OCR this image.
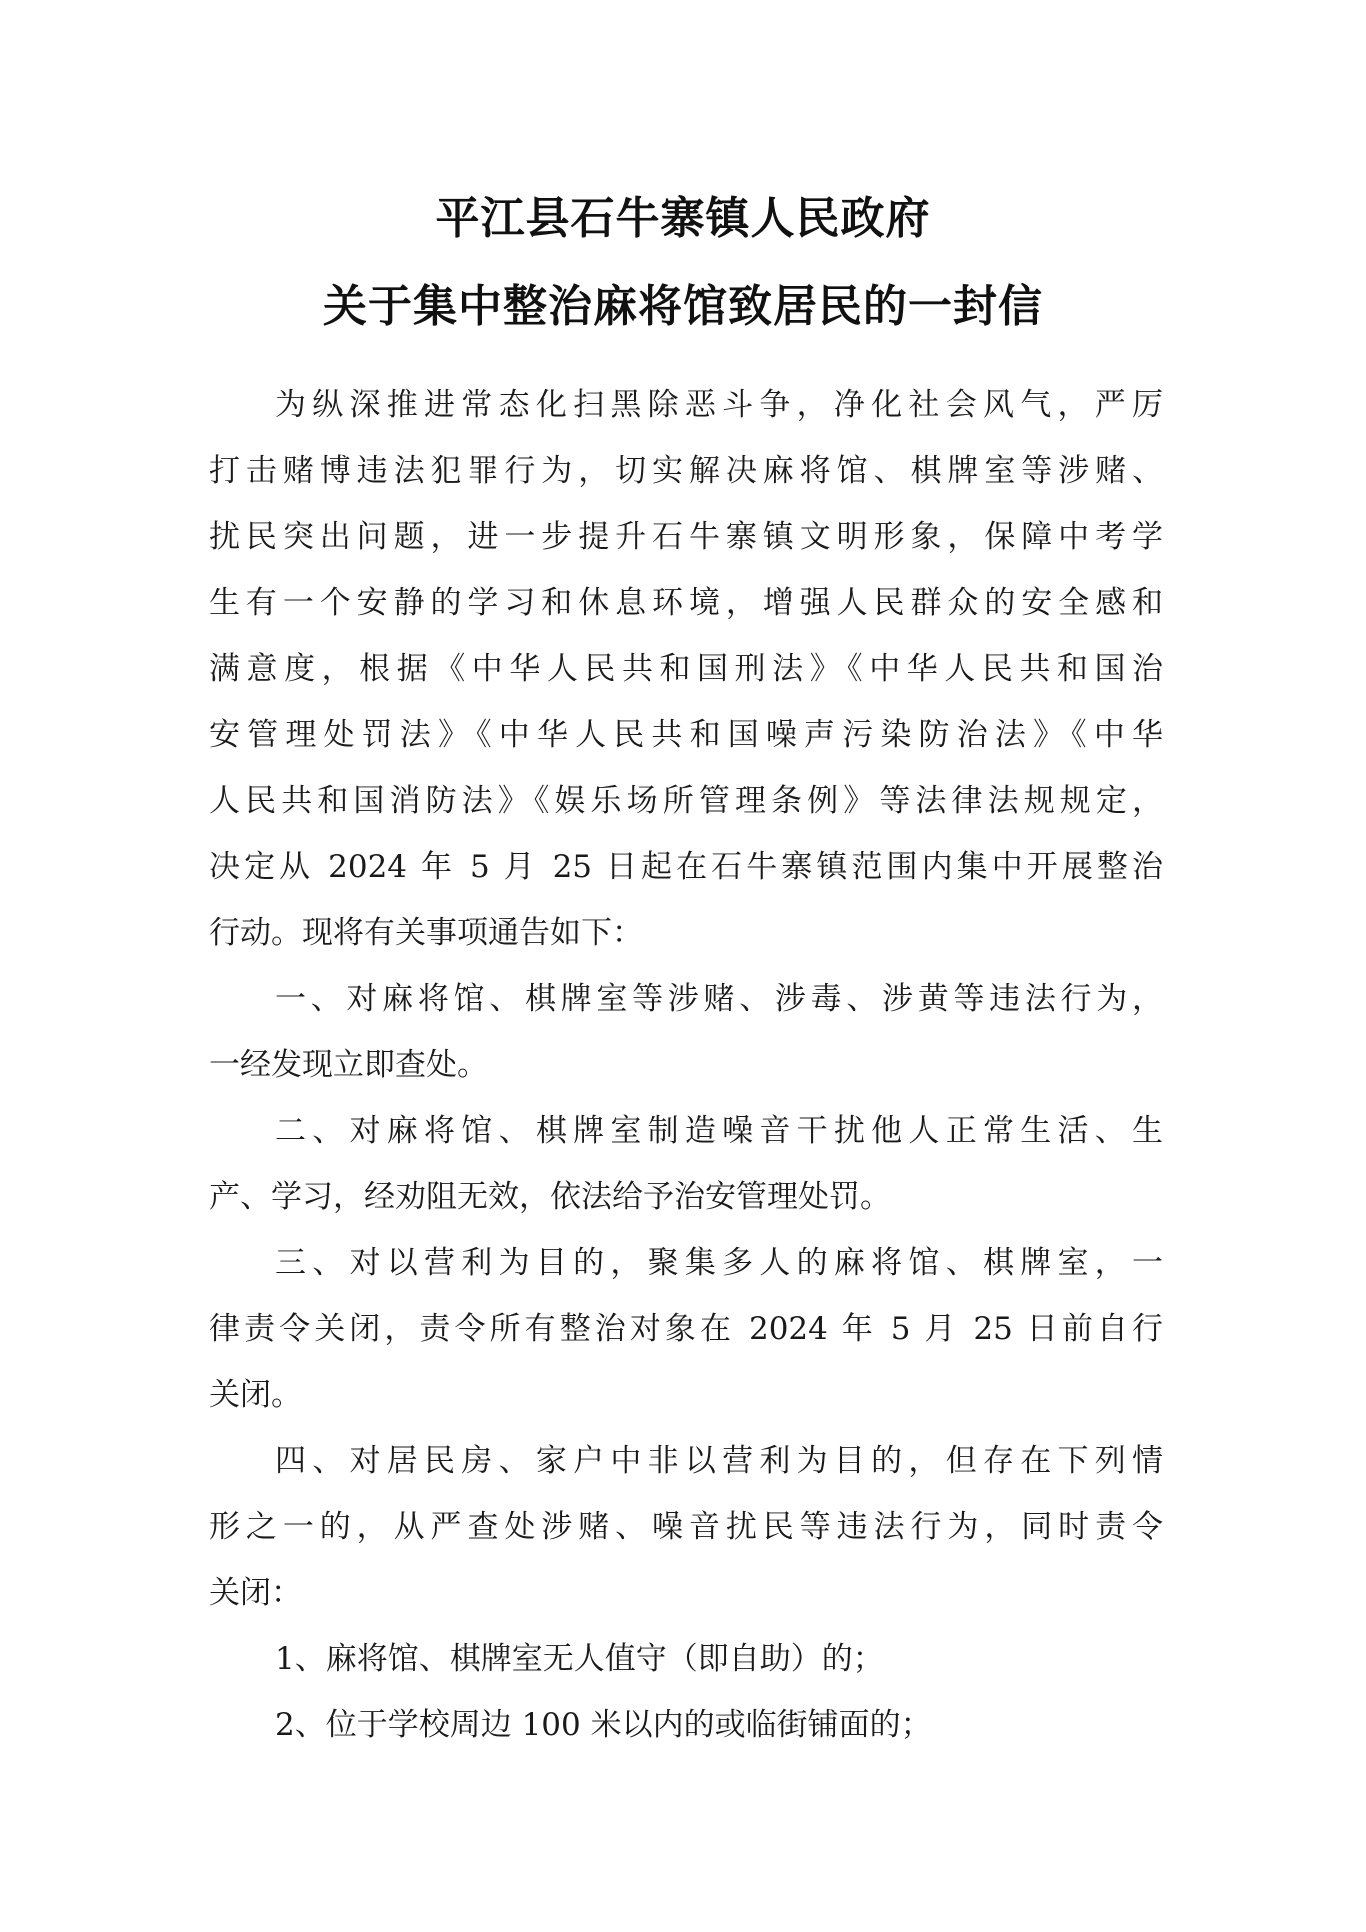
平江县石牛寨镇人民政府
关于集中整治麻将馆致居民的一封信
为纵深推进常态化扫黑除恶斗争，净化社会风气，严厉
打击赌博违法犯罪行为，切实解决麻将馆、棋牌室等涉赌、
扰民突出问题，进一步提升石牛寨镇文明形象，保障中考学
生有一个安静的学习和休息环境，增强人民群众的安全感和
满意度，根据《中华人民共和国刑法》《中华人民共和国治
安管理处罚法》《中华人民共和国噪声污染防治法》《中华
人民共和国消防法》《娱乐场所管理条例》等法律法规规定，
决定从 2024 年 5 月 25 日起在石牛寨镇范围内集中开展整治
行动。现将有关事项通告如下：
一、对麻将馆、棋牌室等涉赌、涉毒、涉黄等违法行为，
一经发现立即查处。
二、对麻将馆、棋牌室制造噪音干扰他人正常生活、生
产、学习，经劝阻无效，依法给予治安管理处罚。
三、对以营利为目的，聚集多人的麻将馆、棋牌室，一
律责令关闭，责令所有整治对象在 2024 年 5 月 25 日前自行
关闭。
四、对居民房、家户中非以营利为目的，但存在下列情
形之一的，从严查处涉赌、噪音扰民等违法行为，同时责令
关闭：
1、麻将馆、棋牌室无人值守（即自助）的；
2、位于学校周边 100 米以内的或临街铺面的；
